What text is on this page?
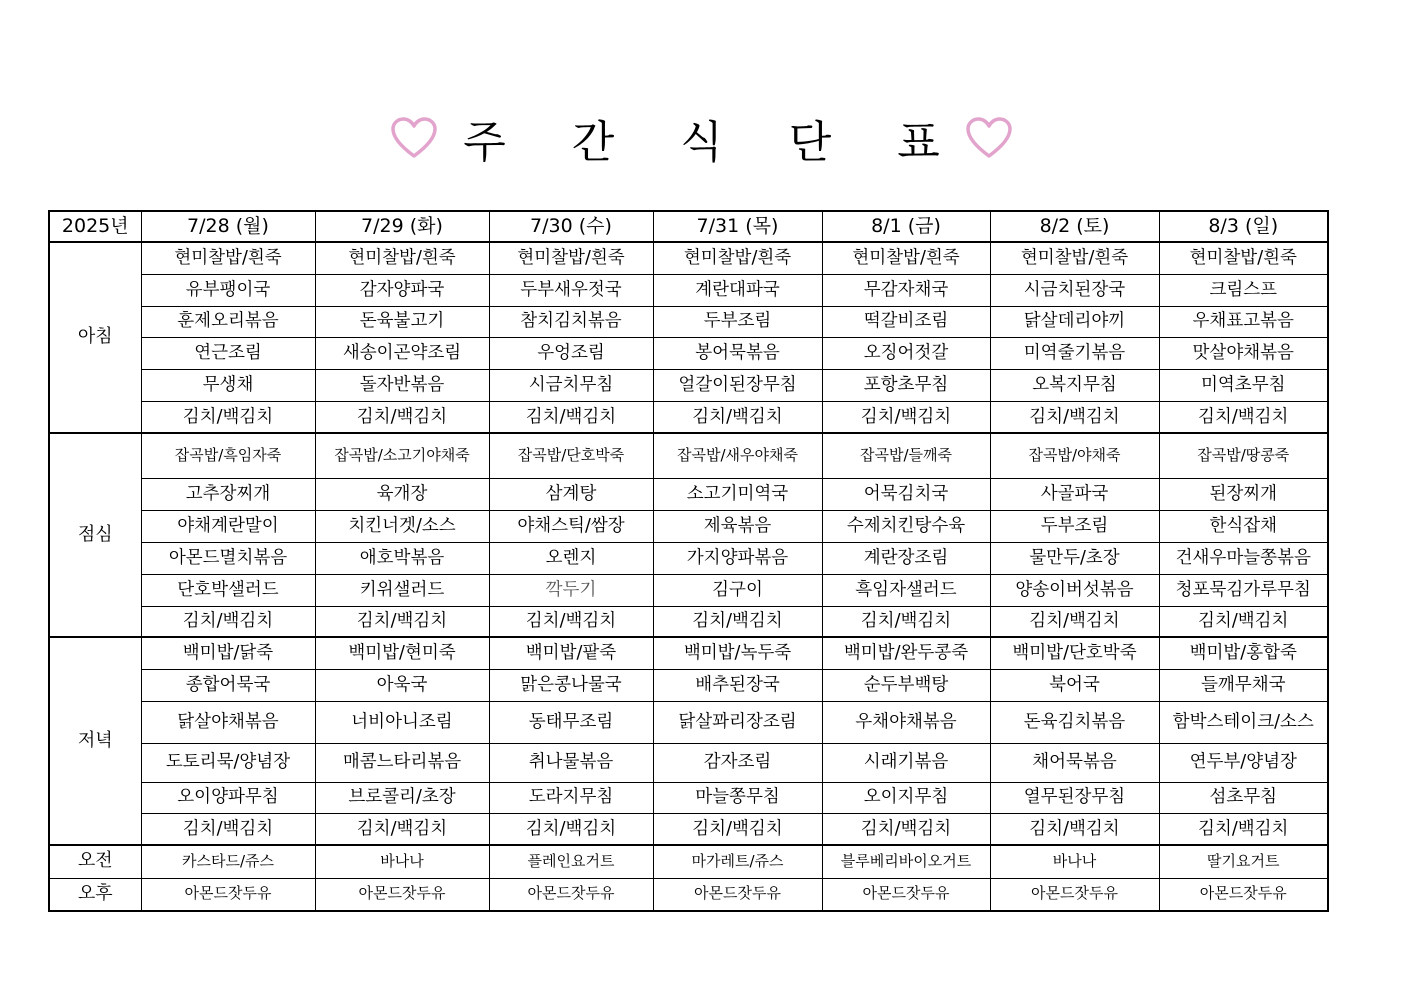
주 간 식 단 표
2025년	7/28 (월)	7/29 (화)	7/30 (수)	7/31 (목)	8/1 (금)	8/2 (토)	8/3 (일)
아침	현미찰밥/흰죽	현미찰밥/흰죽	현미찰밥/흰죽	현미찰밥/흰죽	현미찰밥/흰죽	현미찰밥/흰죽	현미찰밥/흰죽
	유부팽이국	감자양파국	두부새우젓국	계란대파국	무감자채국	시금치된장국	크림스프
	훈제오리볶음	돈육불고기	참치김치볶음	두부조림	떡갈비조림	닭살데리야끼	우채표고볶음
	연근조림	새송이곤약조림	우엉조림	봉어묵볶음	오징어젓갈	미역줄기볶음	맛살야채볶음
	무생채	돌자반볶음	시금치무침	얼갈이된장무침	포항초무침	오복지무침	미역초무침
	김치/백김치	김치/백김치	김치/백김치	김치/백김치	김치/백김치	김치/백김치	김치/백김치
점심	잡곡밥/흑임자죽	잡곡밥/소고기야채죽	잡곡밥/단호박죽	잡곡밥/새우야채죽	잡곡밥/들깨죽	잡곡밥/야채죽	잡곡밥/땅콩죽
	고추장찌개	육개장	삼계탕	소고기미역국	어묵김치국	사골파국	된장찌개
	야채계란말이	치킨너겟/소스	야채스틱/쌈장	제육볶음	수제치킨탕수육	두부조림	한식잡채
	아몬드멸치볶음	애호박볶음	오렌지	가지양파볶음	계란장조림	물만두/초장	건새우마늘쫑볶음
	단호박샐러드	키위샐러드	깍두기	김구이	흑임자샐러드	양송이버섯볶음	청포묵김가루무침
	김치/백김치	김치/백김치	김치/백김치	김치/백김치	김치/백김치	김치/백김치	김치/백김치
저녁	백미밥/닭죽	백미밥/현미죽	백미밥/팥죽	백미밥/녹두죽	백미밥/완두콩죽	백미밥/단호박죽	백미밥/홍합죽
	종합어묵국	아욱국	맑은콩나물국	배추된장국	순두부백탕	북어국	들깨무채국
	닭살야채볶음	너비아니조림	동태무조림	닭살꽈리장조림	우채야채볶음	돈육김치볶음	함박스테이크/소스
	도토리묵/양념장	매콤느타리볶음	취나물볶음	감자조림	시래기볶음	채어묵볶음	연두부/양념장
	오이양파무침	브로콜리/초장	도라지무침	마늘쫑무침	오이지무침	열무된장무침	섬초무침
	김치/백김치	김치/백김치	김치/백김치	김치/백김치	김치/백김치	김치/백김치	김치/백김치
오전	카스타드/쥬스	바나나	플레인요거트	마가레트/쥬스	블루베리바이오거트	바나나	딸기요거트
오후	아몬드잣두유	아몬드잣두유	아몬드잣두유	아몬드잣두유	아몬드잣두유	아몬드잣두유	아몬드잣두유
